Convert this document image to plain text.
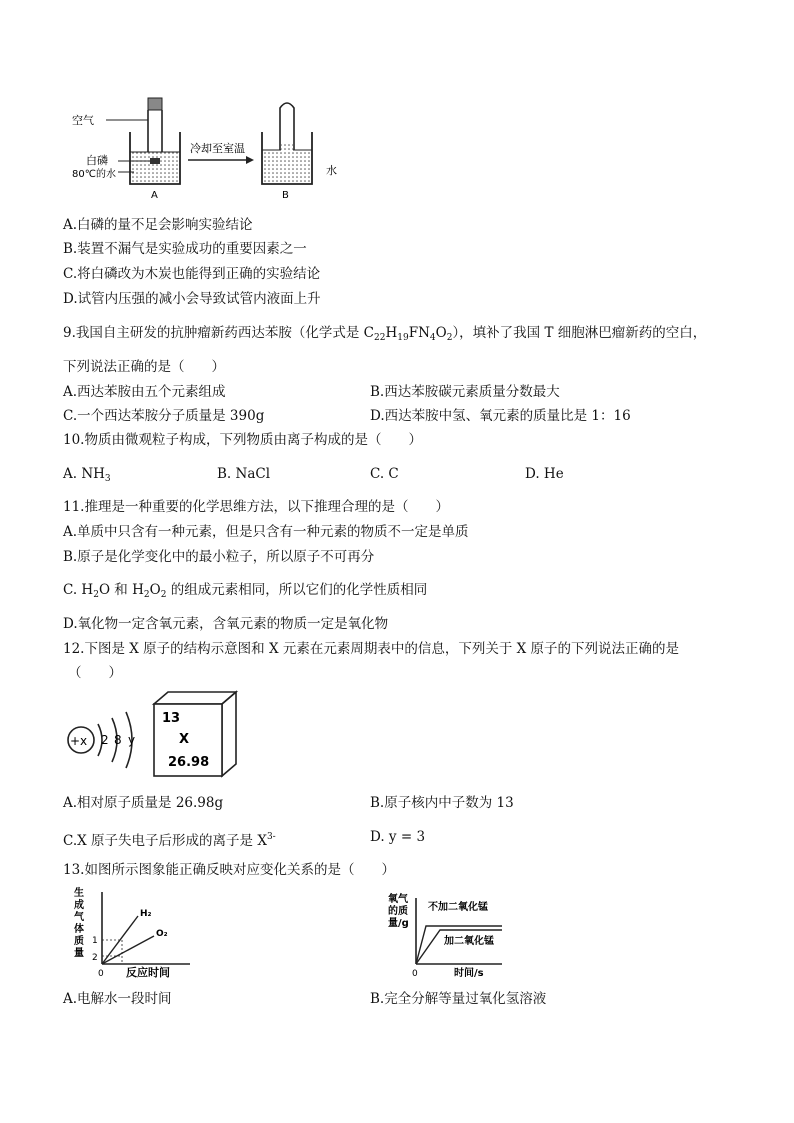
空气
白磷
80℃的水
A
冷却至室温
B
水
A.白磷的量不足会影响实验结论
B.装置不漏气是实验成功的重要因素之一
C.将白磷改为木炭也能得到正确的实验结论
D.试管内压强的减小会导致试管内液面上升
9.我国自主研发的抗肿瘤新药西达苯胺（化学式是 $C_{22}H_{19}FN_4O_2$），填补了我国 T 细胞淋巴瘤新药的空白，
下列说法正确的是（　　）
A.西达苯胺由五个元素组成	B.西达苯胺碳元素质量分数最大
C.一个西达苯胺分子质量是 390g	D.西达苯胺中氢、氧元素的质量比是 1：16
10.物质由微观粒子构成，下列物质由离子构成的是（　　）
A. $NH_3$	B. NaCl	C. C	D. He
11.推理是一种重要的化学思维方法，以下推理合理的是（　　）
A.单质中只含有一种元素，但是只含有一种元素的物质不一定是单质
B.原子是化学变化中的最小粒子，所以原子不可再分
C. $H_2O$ 和 $H_2O_2$ 的组成元素相同，所以它们的化学性质相同
D.氧化物一定含氧元素，含氧元素的物质一定是氧化物
12.下图是 X 原子的结构示意图和 X 元素在元素周期表中的信息，下列关于 X 原子的下列说法正确的是
（　　）
+x 2 8 y
13
X
26.98
A.相对原子质量是 26.98g	B.原子核内中子数为 13
C.X 原子失电子后形成的离子是 $X^{3-}$	D. y = 3
13.如图所示图象能正确反映对应变化关系的是（　　）
生
成
气
体
质
量 2
1
H₂
O₂
0 反应时间
氧气
的质
量/g
不加二氧化锰
加二氧化锰
0	时间/s
A.电解水一段时间	B.完全分解等量过氧化氢溶液
